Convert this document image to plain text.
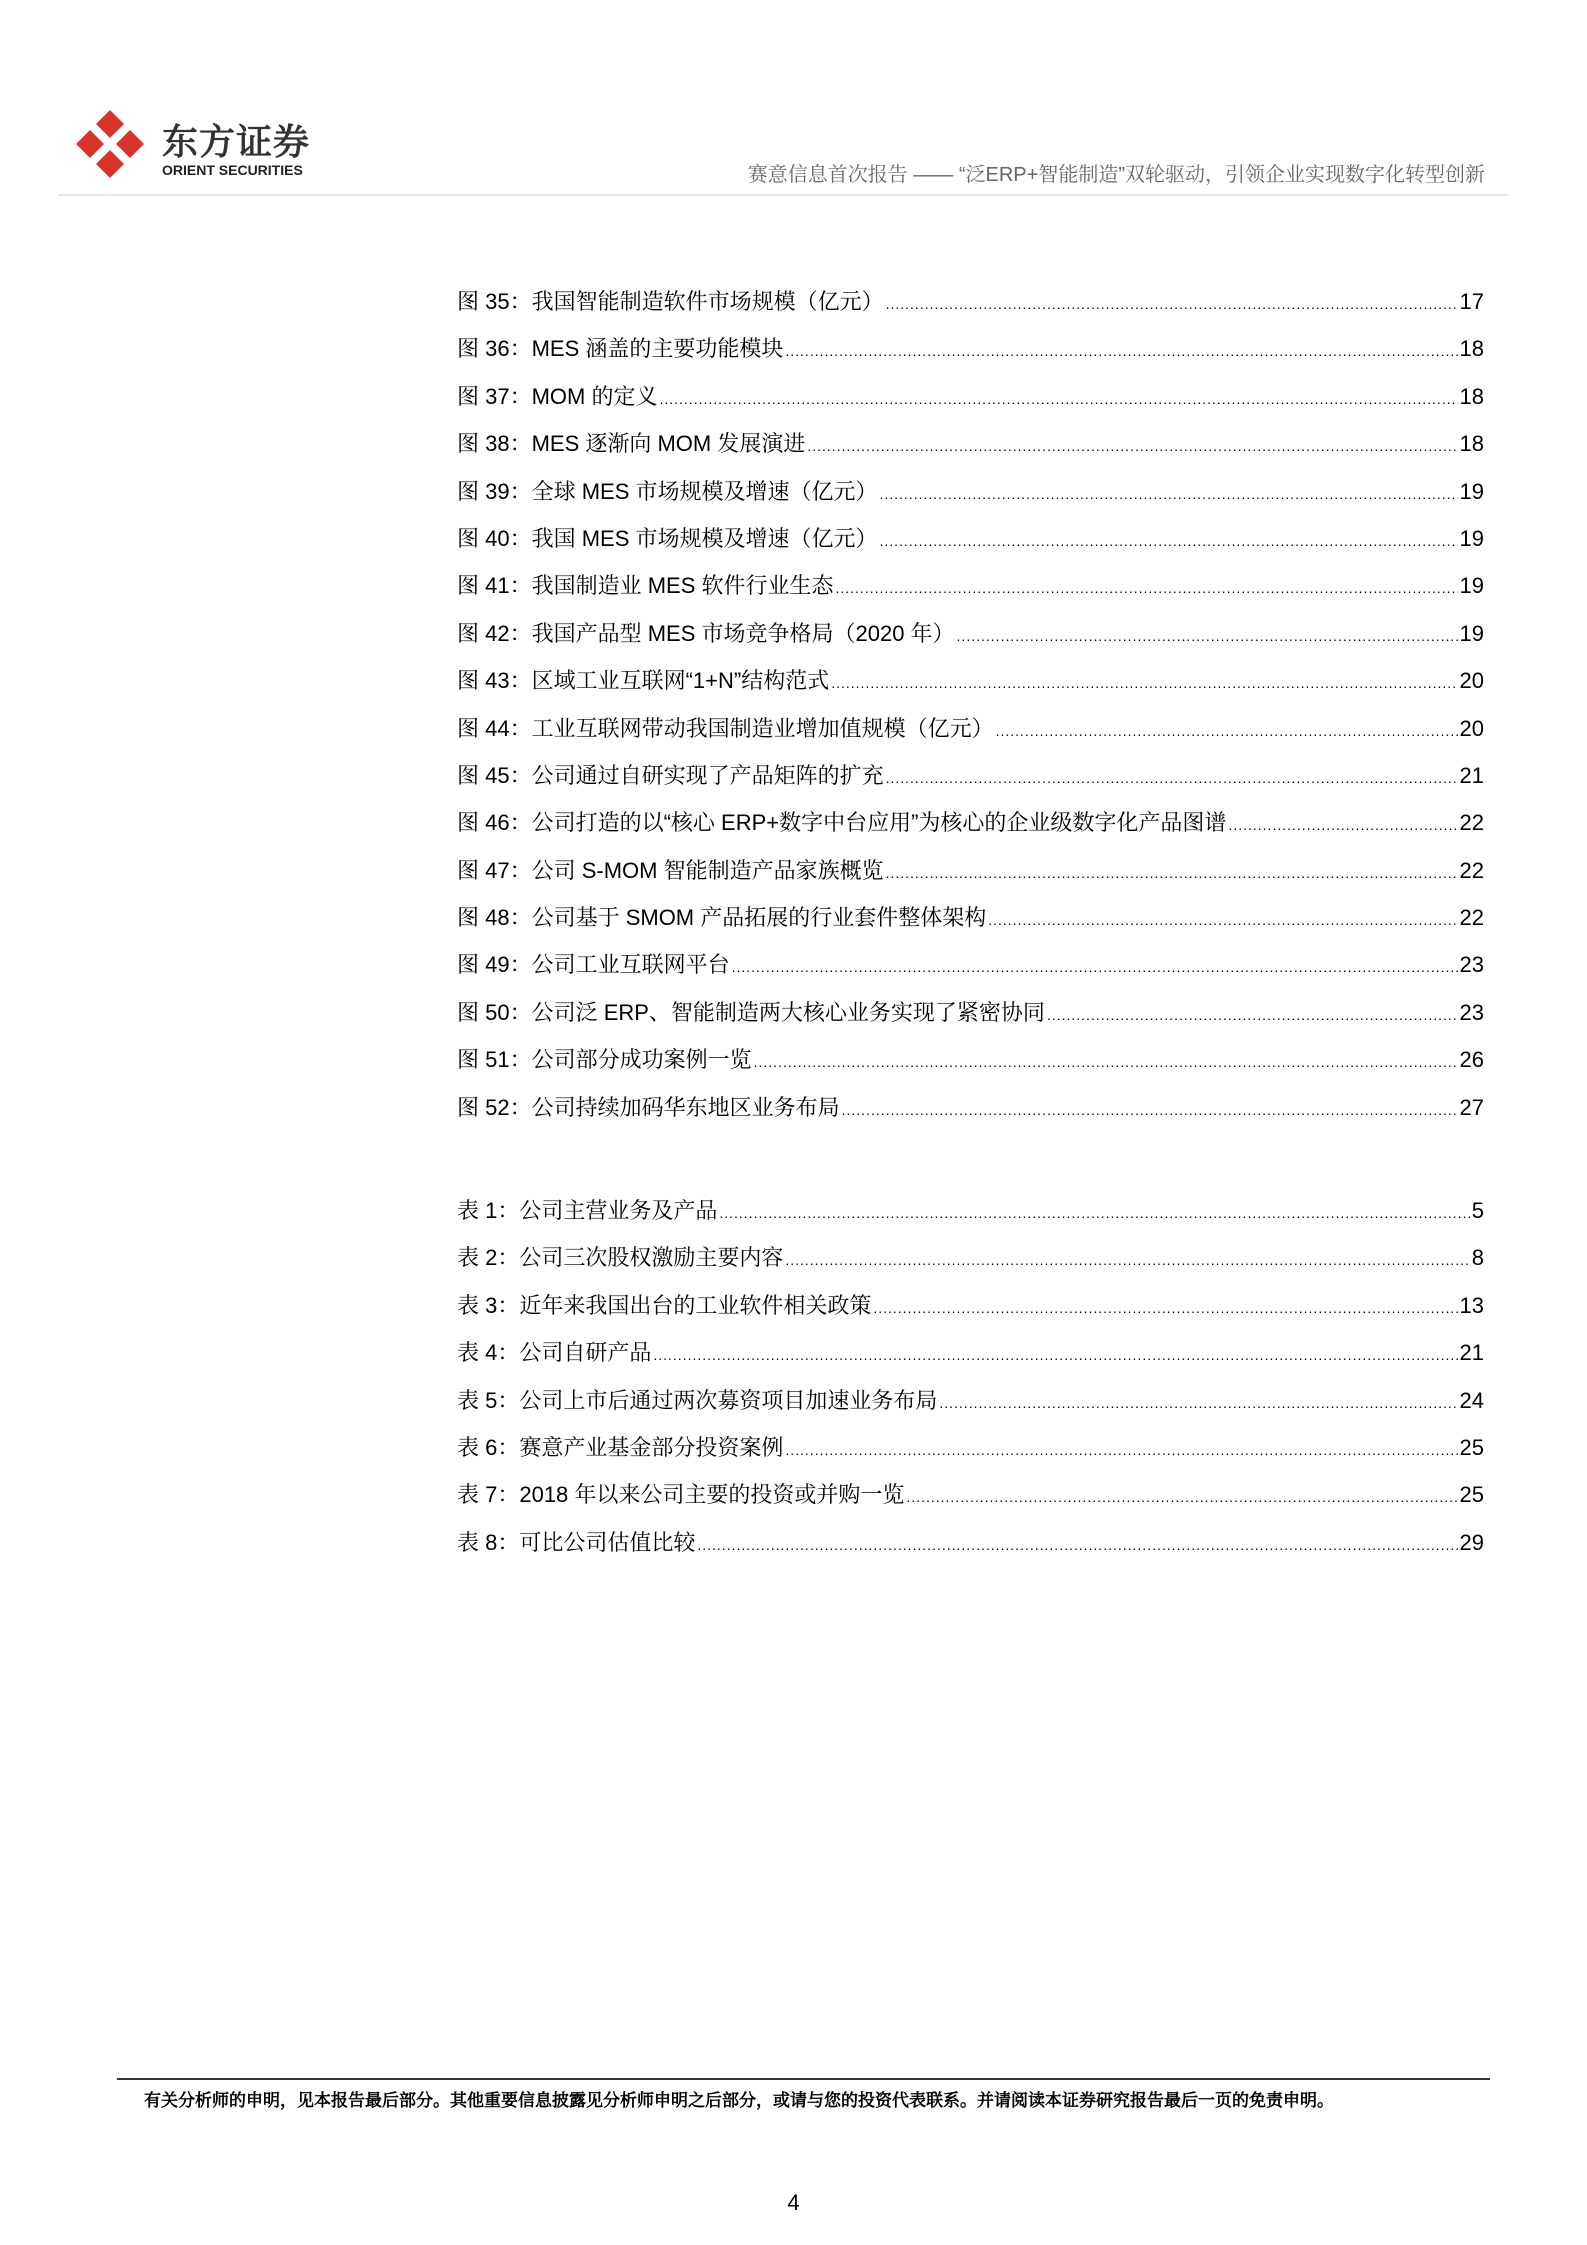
东方证券
ORIENT SECURITIES	赛意信息首次报告 —— “泛ERP+智能制造”双轮驱动，引领企业实现数字化转型创新
图 35：我国智能制造软件市场规模（亿元） .....	17
图 36：MES 涵盖的主要功能模块 .....	18
图 37：MOM 的定义 .....	18
图 38：MES 逐渐向 MOM 发展演进 .....	18
图 39：全球 MES 市场规模及增速（亿元） .....	19
图 40：我国 MES 市场规模及增速（亿元） .....	19
图 41：我国制造业 MES 软件行业生态 .....	19
图 42：我国产品型 MES 市场竞争格局（2020 年） .....	19
图 43：区域工业互联网“1+N”结构范式 .....	20
图 44：工业互联网带动我国制造业增加值规模（亿元） .....	20
图 45：公司通过自研实现了产品矩阵的扩充 .....	21
图 46：公司打造的以“核心 ERP+数字中台应用”为核心的企业级数字化产品图谱 .....	22
图 47：公司 S-MOM 智能制造产品家族概览 .....	22
图 48：公司基于 SMOM 产品拓展的行业套件整体架构 .....	22
图 49：公司工业互联网平台 .....	23
图 50：公司泛 ERP、智能制造两大核心业务实现了紧密协同 .....	23
图 51：公司部分成功案例一览 .....	26
图 52：公司持续加码华东地区业务布局 .....	27
表 1：公司主营业务及产品 .....	5
表 2：公司三次股权激励主要内容 .....	8
表 3：近年来我国出台的工业软件相关政策 .....	13
表 4：公司自研产品 .....	21
表 5：公司上市后通过两次募资项目加速业务布局 .....	24
表 6：赛意产业基金部分投资案例 .....	25
表 7：2018 年以来公司主要的投资或并购一览 .....	25
表 8：可比公司估值比较 .....	29
有关分析师的申明，见本报告最后部分。其他重要信息披露见分析师申明之后部分，或请与您的投资代表联系。并请阅读本证券研究报告最后一页的免责申明。
4
